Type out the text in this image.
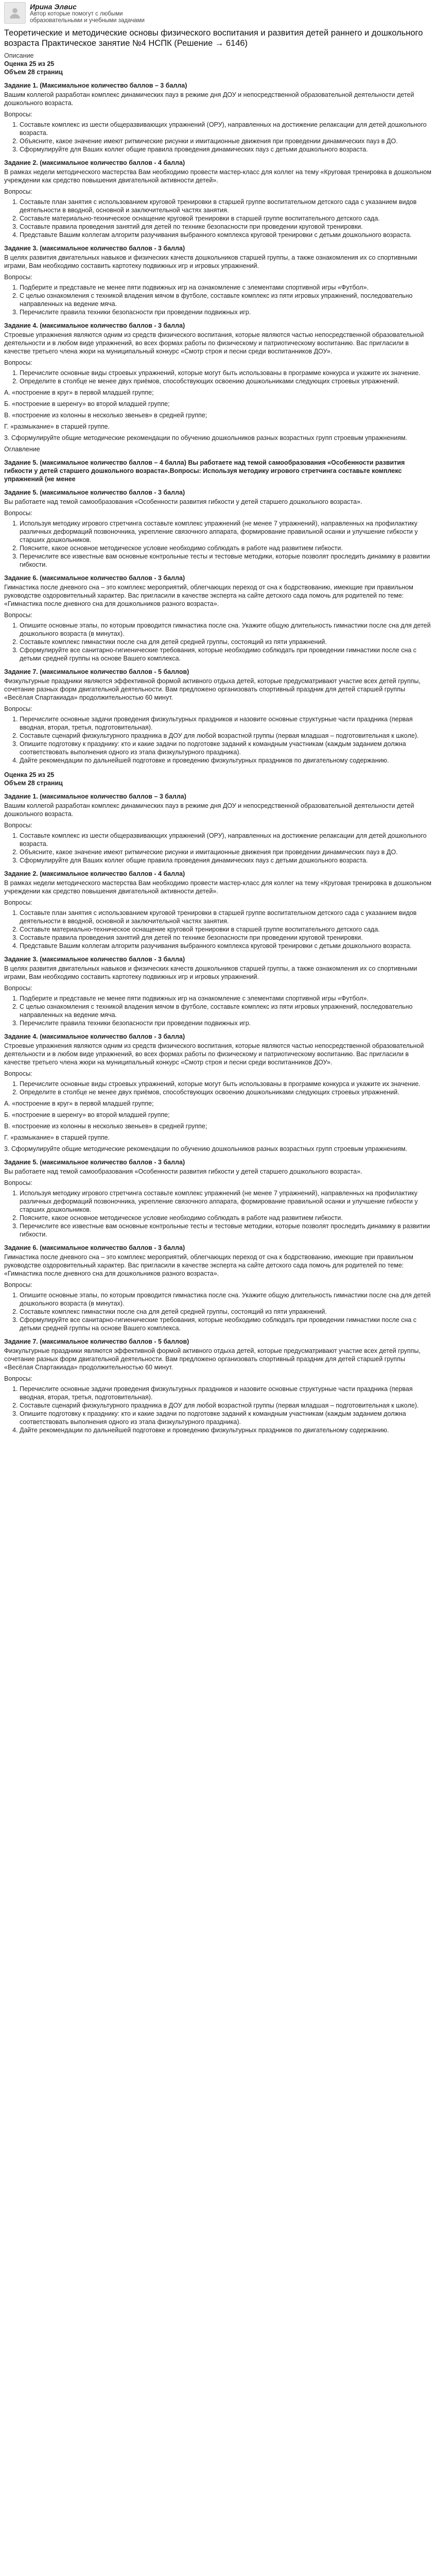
Ирина Элвис
Автор которые помогут с любыми образовательными и учебными задачами
Теоретические и методические основы физического воспитания и развития детей раннего и дошкольного возраста Практическое занятие №4 НСПК (Решение → 6146)
Описание
Оценка 25 из 25
Объем 28 страниц
Задание 1. (Максимальное количество баллов – 3 балла)

Вашим коллегой разработан комплекс динамических пауз в режиме дня ДОУ и непосредственной образовательной деятельности детей дошкольного возраста.

Вопросы:

1. Составьте комплекс из шести общеразвивающих упражнений (ОРУ), направленных на достижение релаксации для детей дошкольного возраста.
2. Объясните, какое значение имеют ритмические рисунки и имитационные движения при проведении динамических пауз в ДО.
3. Сформулируйте для Ваших коллег общие правила проведения динамических пауз с детьми дошкольного возраста.
Задание 2. (максимальное количество баллов - 4 балла)

В рамках недели методического мастерства Вам необходимо провести мастер-класс для коллег на тему «Круговая тренировка в дошкольном учреждении как средство повышения двигательной активности детей».

Вопросы:

1. Составьте план занятия с использованием круговой тренировки в старшей группе воспитательном детского сада с указанием видов деятельности в вводной, основной и заключительной частях занятия.
2. Составьте материально-техническое оснащение круговой тренировки в старшей группе воспитательного детского сада.
3. Составьте правила проведения занятий для детей по технике безопасности при проведении круговой тренировки.
4. Представьте Вашим коллегам алгоритм разучивания выбранного комплекса круговой тренировки с детьми дошкольного возраста.
Задание 3. (максимальное количество баллов - 3 балла)

В целях развития двигательных навыков и физических качеств дошкольников старшей группы, а также ознакомления их со спортивными играми, Вам необходимо составить картотеку подвижных игр и игровых упражнений.

Вопросы:

1. Подберите и представьте не менее пяти подвижных игр на ознакомление с элементами спортивной игры «Футбол».
2. С целью ознакомления с техникой владения мячом в футболе, составьте комплекс из пяти игровых упражнений, последовательно направленных на ведение мяча.
3. Перечислите правила техники безопасности при проведении подвижных игр.
Задание 4. (максимальное количество баллов - 3 балла)

Строевые упражнения являются одним из средств физического воспитания, которые являются частью непосредственной образовательной деятельности и в любом виде упражнений, во всех формах работы по физическому и патриотическому воспитанию. Вас пригласили в качестве третьего члена жюри на муниципальный конкурс «Смотр строя и песни среди воспитанников ДОУ».

Вопросы:

1. Перечислите основные виды строевых упражнений, которые могут быть использованы в программе конкурса и укажите их значение.
2. Определите в столбце не менее двух приёмов, способствующих освоению дошкольниками следующих строевых упражнений.

А. «построение в круг» в первой младшей группе;

Б. «построение в шеренгу» во второй младшей группе;

В. «построение из колонны в несколько звеньев» в средней группе;

Г. «размыкание» в старшей группе.

3. Сформулируйте общие методические рекомендации по обучению дошкольников разных возрастных групп строевым упражнениям.

Оглавление

Задание 5. (максимальное количество баллов – 4 балла) Вы работаете над темой самообразования «Особенности развития гибкости у детей старшего дошкольного возраста».Вопросы: Используя методику игрового стретчинга составьте комплекс упражнений (не менее
Задание 5. (максимальное количество баллов - 3 балла)

Вы работаете над темой самообразования «Особенности развития гибкости у детей старшего дошкольного возраста».

Вопросы:

1. Используя методику игрового стретчинга составьте комплекс упражнений (не менее 7 упражнений), направленных на профилактику различных деформаций позвоночника, укрепление связочного аппарата, формирование правильной осанки и улучшение гибкости у старших дошкольников.
2. Поясните, какое основное методическое условие необходимо соблюдать в работе над развитием гибкости.
3. Перечислите все известные вам основные контрольные тесты и тестовые методики, которые позволят проследить динамику в развитии гибкости.
Задание 6. (максимальное количество баллов - 3 балла)

Гимнастика после дневного сна – это комплекс мероприятий, облегчающих переход от сна к бодрствованию, имеющие при правильном руководстве оздоровительный характер. Вас пригласили в качестве эксперта на сайте детского сада помочь для родителей по теме: «Гимнастика после дневного сна для дошкольников разного возраста».

Вопросы:

1. Опишите основные этапы, по которым проводится гимнастика после сна. Укажите общую длительность гимнастики после сна для детей дошкольного возраста (в минутах).
2. Составьте комплекс гимнастики после сна для детей средней группы, состоящий из пяти упражнений.
3. Сформулируйте все санитарно-гигиенические требования, которые необходимо соблюдать при проведении гимнастики после сна с детьми средней группы на основе Вашего комплекса.
Задание 7. (максимальное количество баллов - 5 баллов)

Физкультурные праздники являются эффективной формой активного отдыха детей, которые предусматривают участие всех детей группы, сочетание разных форм двигательной деятельности. Вам предложено организовать спортивный праздник для детей старшей группы «Весёлая Спартакиада» продолжительностью 60 минут.

Вопросы:

1. Перечислите основные задачи проведения физкультурных праздников и назовите основные структурные части праздника (первая вводная, вторая, третья, подготовительная).
2. Составьте сценарий физкультурного праздника в ДОУ для любой возрастной группы (первая младшая – подготовительная к школе).
3. Опишите подготовку к празднику: кто и какие задачи по подготовке заданий к командным участникам (каждым заданием должна соответствовать выполнения одного из этапа физкультурного праздника).
4. Дайте рекомендации по дальнейшей подготовке и проведению физкультурных праздников по двигательному содержанию.
Оценка 25 из 25
Объем 28 страниц
Задание 1. (максимальное количество баллов – 3 балла)

Вашим коллегой разработан комплекс динамических пауз в режиме дня ДОУ и непосредственной образовательной деятельности детей дошкольного возраста.

Вопросы:

1. Составьте комплекс из шести общеразвивающих упражнений (ОРУ), направленных на достижение релаксации для детей дошкольного возраста.
2. Объясните, какое значение имеют ритмические рисунки и имитационные движения при проведении динамических пауз в ДО.
3. Сформулируйте для Ваших коллег общие правила проведения динамических пауз с детьми дошкольного возраста.
Задание 2. (максимальное количество баллов - 4 балла)

В рамках недели методического мастерства Вам необходимо провести мастер-класс для коллег на тему «Круговая тренировка в дошкольном учреждении как средство повышения двигательной активности детей».

Вопросы:

1. Составьте план занятия с использованием круговой тренировки в старшей группе воспитательном детского сада с указанием видов деятельности в вводной, основной и заключительной частях занятия.
2. Составьте материально-техническое оснащение круговой тренировки в старшей группе воспитательного детского сада.
3. Составьте правила проведения занятий для детей по технике безопасности при проведении круговой тренировки.
4. Представьте Вашим коллегам алгоритм разучивания выбранного комплекса круговой тренировки с детьми дошкольного возраста.
Задание 3. (максимальное количество баллов - 3 балла)

В целях развития двигательных навыков и физических качеств дошкольников старшей группы, а также ознакомления их со спортивными играми, Вам необходимо составить картотеку подвижных игр и игровых упражнений.

Вопросы:

1. Подберите и представьте не менее пяти подвижных игр на ознакомление с элементами спортивной игры «Футбол».
2. С целью ознакомления с техникой владения мячом в футболе, составьте комплекс из пяти игровых упражнений, последовательно направленных на ведение мяча.
3. Перечислите правила техники безопасности при проведении подвижных игр.
Задание 4. (максимальное количество баллов - 3 балла)

Строевые упражнения являются одним из средств физического воспитания, которые являются частью непосредственной образовательной деятельности и в любом виде упражнений, во всех формах работы по физическому и патриотическому воспитанию. Вас пригласили в качестве третьего члена жюри на муниципальный конкурс «Смотр строя и песни среди воспитанников ДОУ».

Вопросы:

1. Перечислите основные виды строевых упражнений, которые могут быть использованы в программе конкурса и укажите их значение.
2. Определите в столбце не менее двух приёмов, способствующих освоению дошкольниками следующих строевых упражнений.

А. «построение в круг» в первой младшей группе;

Б. «построение в шеренгу» во второй младшей группе;

В. «построение из колонны в несколько звеньев» в средней группе;

Г. «размыкание» в старшей группе.

3. Сформулируйте общие методические рекомендации по обучению дошкольников разных возрастных групп строевым упражнениям.

Задание 5. (максимальное количество баллов - 3 балла)

Вы работаете над темой самообразования «Особенности развития гибкости у детей старшего дошкольного возраста».

Вопросы:

1. Используя методику игрового стретчинга составьте комплекс упражнений (не менее 7 упражнений), направленных на профилактику различных деформаций позвоночника, укрепление связочного аппарата, формирование правильной осанки и улучшение гибкости у старших дошкольников.
2. Поясните, какое основное методическое условие необходимо соблюдать в работе над развитием гибкости.
3. Перечислите все известные вам основные контрольные тесты и тестовые методики, которые позволят проследить динамику в развитии гибкости.
Задание 6. (максимальное количество баллов - 3 балла)

Гимнастика после дневного сна – это комплекс мероприятий, облегчающих переход от сна к бодрствованию, имеющие при правильном руководстве оздоровительный характер. Вас пригласили в качестве эксперта на сайте детского сада помочь для родителей по теме: «Гимнастика после дневного сна для дошкольников разного возраста».

Вопросы:

1. Опишите основные этапы, по которым проводится гимнастика после сна. Укажите общую длительность гимнастики после сна для детей дошкольного возраста (в минутах).
2. Составьте комплекс гимнастики после сна для детей средней группы, состоящий из пяти упражнений.
3. Сформулируйте все санитарно-гигиенические требования, которые необходимо соблюдать при проведении гимнастики после сна с детьми средней группы на основе Вашего комплекса.
Задание 7. (максимальное количество баллов - 5 баллов)

Физкультурные праздники являются эффективной формой активного отдыха детей, которые предусматривают участие всех детей группы, сочетание разных форм двигательной деятельности. Вам предложено организовать спортивный праздник для детей старшей группы «Весёлая Спартакиада» продолжительностью 60 минут.

Вопросы:

1. Перечислите основные задачи проведения физкультурных праздников и назовите основные структурные части праздника (первая вводная, вторая, третья, подготовительная).
2. Составьте сценарий физкультурного праздника в ДОУ для любой возрастной группы (первая младшая – подготовительная к школе).
3. Опишите подготовку к празднику: кто и какие задачи по подготовке заданий к командным участникам (каждым заданием должна соответствовать выполнения одного из этапа физкультурного праздника).
4. Дайте рекомендации по дальнейшей подготовке и проведению физкультурных праздников по двигательному содержанию.
